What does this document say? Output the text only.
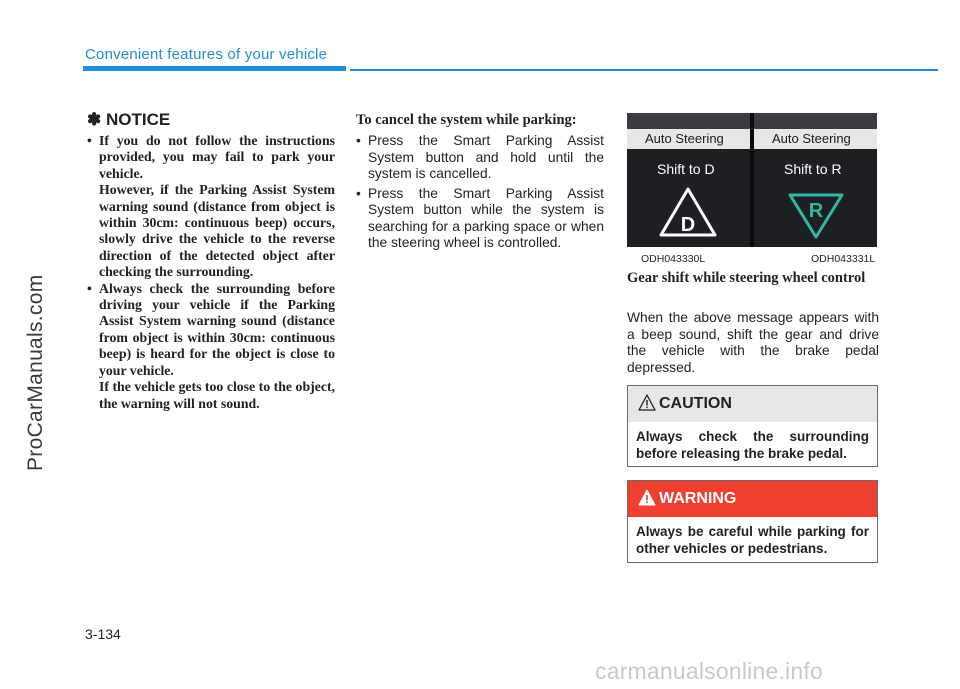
Convenient features of your vehicle
ProCarManuals.com
✽ NOTICE
• If you do not follow the instructions provided, you may fail to park your vehicle.

However, if the Parking Assist System warning sound (distance from object is within 30cm: continuous beep) occurs, slowly drive the vehicle to the reverse direction of the detected object after checking the surrounding.

• Always check the surrounding before driving your vehicle if the Parking Assist System warning sound (distance from object is within 30cm: continuous beep) is heard for the object is close to your vehicle.

If the vehicle gets too close to the object, the warning will not sound.

To cancel the system while parking:
• Press the Smart Parking Assist System button and hold until the system is cancelled.
• Press the Smart Parking Assist System button while the system is searching for a parking space or when the steering wheel is controlled.
Auto Steering
Shift to D
D
Auto Steering
Shift to R
R
ODH043330L	ODH043331L
Gear shift while steering wheel control
When the above message appears with a beep sound, shift the gear and drive the vehicle with the brake pedal depressed.
CAUTION
Always check the surrounding before releasing the brake pedal.
WARNING
Always be careful while parking for other vehicles or pedestrians.
3-134
carmanualsonline.info
